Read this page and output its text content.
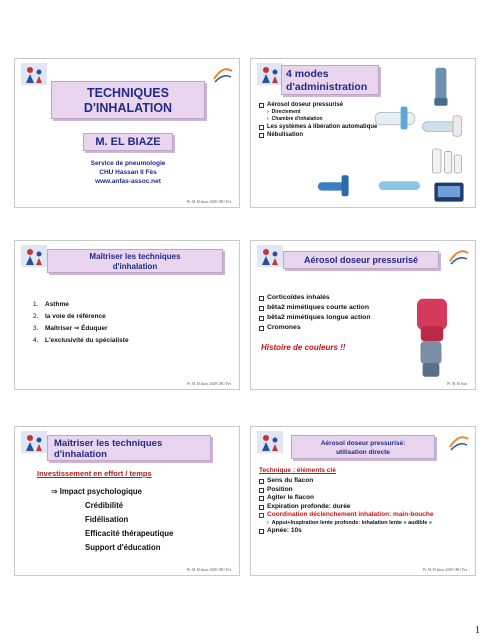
TECHNIQUES
D'INHALATION
M. EL BIAZE
Service de pneumologie
CHU Hassan II Fès
www.anfas-assoc.net
Pr. M. El biaze 2009 CHU Fès
4 modes
d'administration
Aérosol doseur pressurisé
› Directement
› Chambre d'inhalation
Les systèmes à libération automatique
Nébulisation
Maîtriser les techniques
d'inhalation
1. Asthme
2. la voie de référence
3. Maîtriser ⇒ Éduquer
4. L'exclusivité du spécialiste
Pr. M. El biaze 2009 CHU Fès
Aérosol doseur pressurisé
Corticoïdes inhalés
bêta2 mimétiques courte action
bêta2 mimétiques longue action
Cromones
Histoire de couleurs !!
Pr. M. El biaz
Maîtriser les techniques
d'inhalation
Investissement en effort / temps
⇒ Impact psychologique
Crédibilité
Fidélisation
Efficacité thérapeutique
Support d'éducation
Pr. M. El biaze 2009 CHU Fès
Aérosol doseur pressurisé:
utilisation directe
Technique : éléments clé
Sens du flacon
Position
Agiter le flacon
Expiration profonde: durée
Coordination déclenchement inhalation: main-bouche
› Appui+Inspiration lente profonde: inhalation lente « audible »
Apnée: 10s
Pr. M. El biaze 2009 CHU Fès
1
